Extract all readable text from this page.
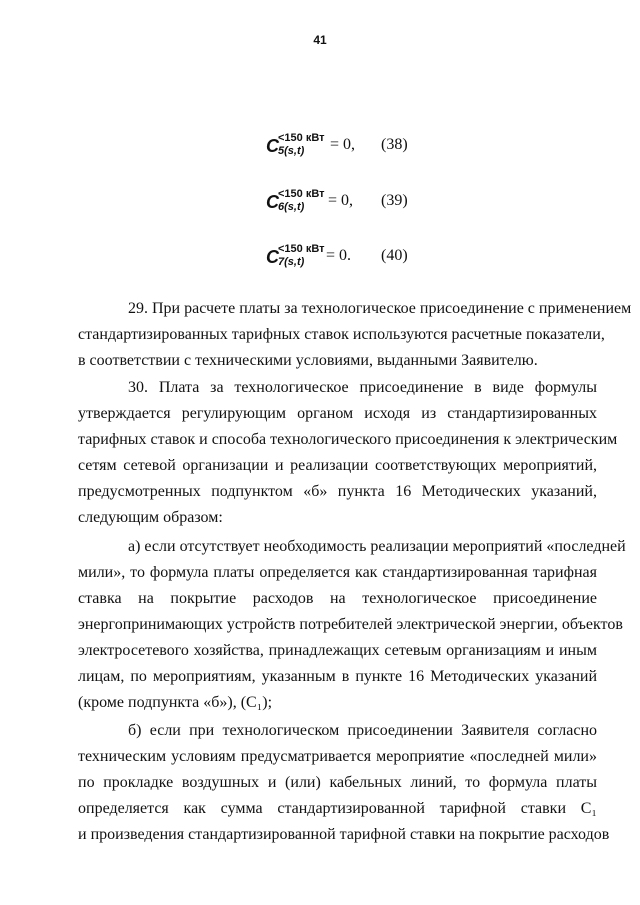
41
C <150 кВт
5(s,t) = 0, (38)
C <150 кВт
6(s,t) = 0, (39)
C <150 кВт
7(s,t) = 0. (40)
29. При расчете платы за технологическое присоединение с применением
стандартизированных тарифных ставок используются расчетные показатели,
в соответствии с техническими условиями, выданными Заявителю.
30. Плата за технологическое присоединение в виде формулы
утверждается регулирующим органом исходя из стандартизированных
тарифных ставок и способа технологического присоединения к электрическим
сетям сетевой организации и реализации соответствующих мероприятий,
предусмотренных подпунктом «б» пункта 16 Методических указаний,
следующим образом:
а) если отсутствует необходимость реализации мероприятий «последней
мили», то формула платы определяется как стандартизированная тарифная
ставка на покрытие расходов на технологическое присоединение
энергопринимающих устройств потребителей электрической энергии, объектов
электросетевого хозяйства, принадлежащих сетевым организациям и иным
лицам, по мероприятиям, указанным в пункте 16 Методических указаний
(кроме подпункта «б»), (С₁);
б) если при технологическом присоединении Заявителя согласно
техническим условиям предусматривается мероприятие «последней мили»
по прокладке воздушных и (или) кабельных линий, то формула платы
определяется как сумма стандартизированной тарифной ставки С₁
и произведения стандартизированной тарифной ставки на покрытие расходов
